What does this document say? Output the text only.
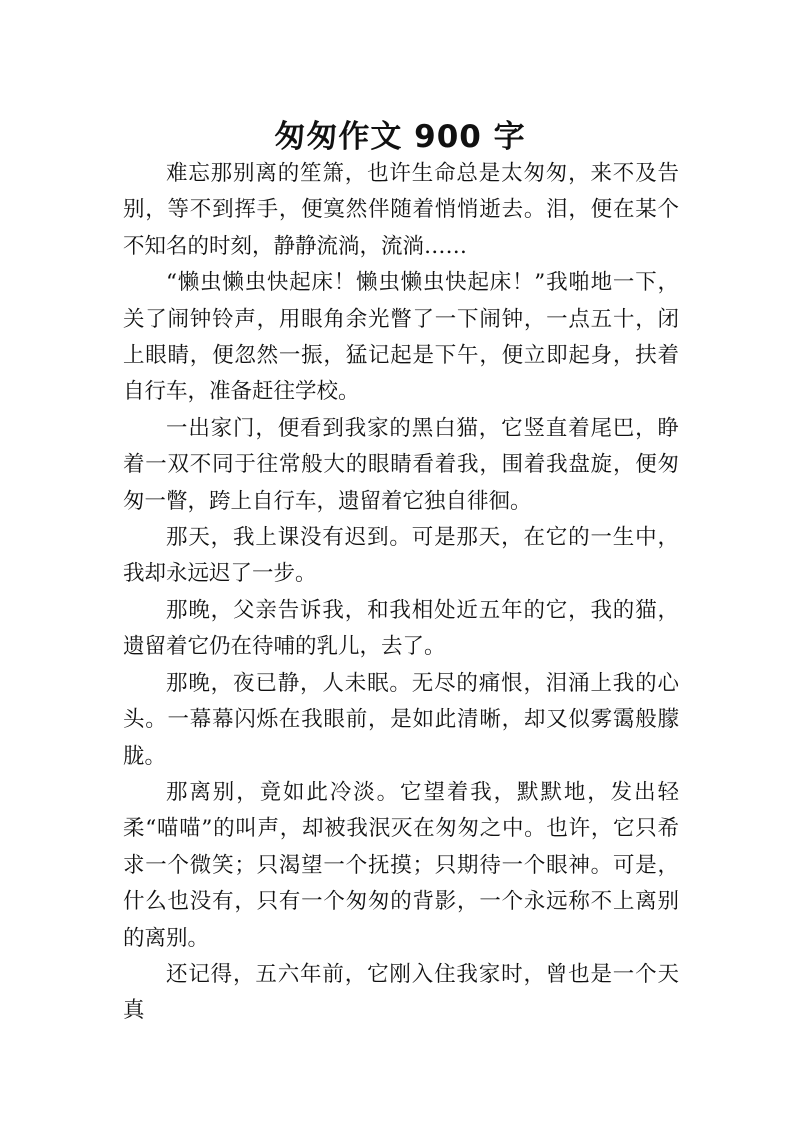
匆匆作文 900 字

难忘那别离的笙箫，也许生命总是太匆匆，来不及告别，等不到挥手，便寞然伴随着悄悄逝去。泪，便在某个不知名的时刻，静静流淌，流淌……

“懒虫懒虫快起床！懒虫懒虫快起床！”我啪地一下，关了闹钟铃声，用眼角余光瞥了一下闹钟，一点五十，闭上眼睛，便忽然一振，猛记起是下午，便立即起身，扶着自行车，准备赶往学校。

一出家门，便看到我家的黑白猫，它竖直着尾巴，睁着一双不同于往常般大的眼睛看着我，围着我盘旋，便匆匆一瞥，跨上自行车，遗留着它独自徘徊。

那天，我上课没有迟到。可是那天，在它的一生中，我却永远迟了一步。

那晚，父亲告诉我，和我相处近五年的它，我的猫，遗留着它仍在待哺的乳儿，去了。

那晚，夜已静，人未眠。无尽的痛恨，泪涌上我的心头。一幕幕闪烁在我眼前，是如此清晰，却又似雾霭般朦胧。

那离别，竟如此冷淡。它望着我，默默地，发出轻柔“喵喵”的叫声，却被我泯灭在匆匆之中。也许，它只希求一个微笑；只渴望一个抚摸；只期待一个眼神。可是，什么也没有，只有一个匆匆的背影，一个永远称不上离别的离别。

还记得，五六年前，它刚入住我家时，曾也是一个天真
